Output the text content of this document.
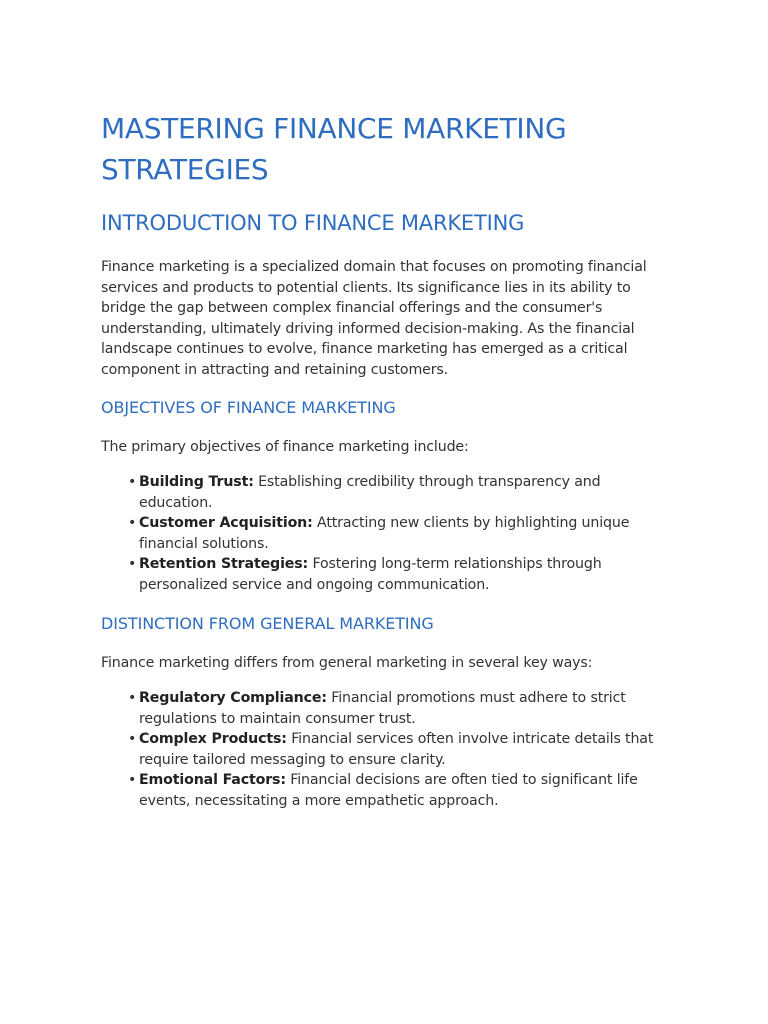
MASTERING FINANCE MARKETING STRATEGIES
INTRODUCTION TO FINANCE MARKETING

Finance marketing is a specialized domain that focuses on promoting financial services and products to potential clients. Its significance lies in its ability to bridge the gap between complex financial offerings and the consumer's understanding, ultimately driving informed decision-making. As the financial landscape continues to evolve, finance marketing has emerged as a critical component in attracting and retaining customers.

OBJECTIVES OF FINANCE MARKETING

The primary objectives of finance marketing include:

• Building Trust: Establishing credibility through transparency and education.
• Customer Acquisition: Attracting new clients by highlighting unique financial solutions.
• Retention Strategies: Fostering long-term relationships through personalized service and ongoing communication.
DISTINCTION FROM GENERAL MARKETING

Finance marketing differs from general marketing in several key ways:

• Regulatory Compliance: Financial promotions must adhere to strict regulations to maintain consumer trust.
• Complex Products: Financial services often involve intricate details that require tailored messaging to ensure clarity.
• Emotional Factors: Financial decisions are often tied to significant life events, necessitating a more empathetic approach.
